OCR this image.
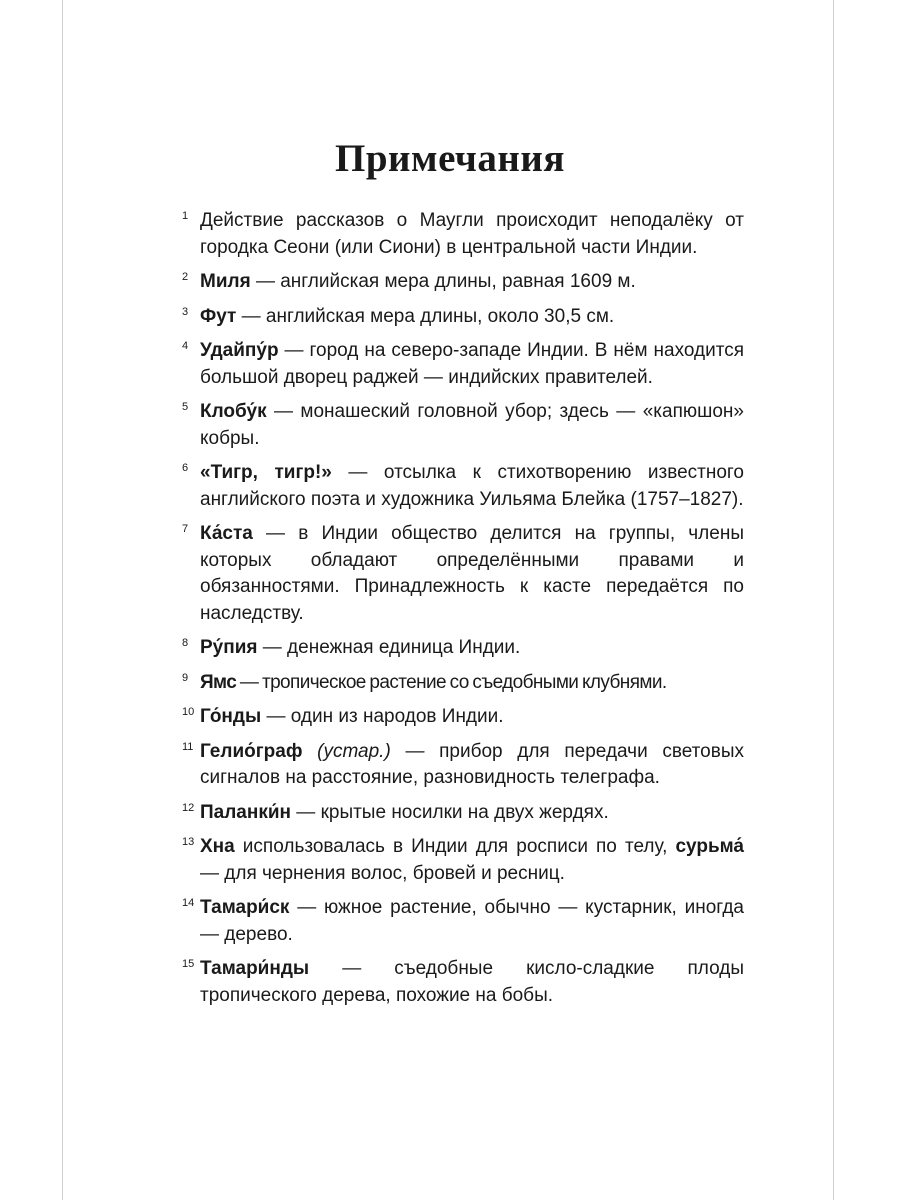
Примечания
1 Действие рассказов о Маугли происходит неподалёку от городка Сеони (или Сиони) в центральной части Индии.
2 Миля — английская мера длины, равная 1609 м.
3 Фут — английская мера длины, около 30,5 см.
4 Удайпу́р — город на северо-западе Индии. В нём находится большой дворец раджей — индийских правителей.
5 Клобу́к — монашеский головной убор; здесь — «капюшон» кобры.
6 «Тигр, тигр!» — отсылка к стихотворению известного английского поэта и художника Уильяма Блейка (1757–1827).
7 Ка́ста — в Индии общество делится на группы, члены которых обладают определёнными правами и обязанностями. Принадлежность к касте передаётся по наследству.
8 Ру́пия — денежная единица Индии.
9 Ямс — тропическое растение со съедобными клубнями.
10 Го́нды — один из народов Индии.
11 Гелио́граф (устар.) — прибор для передачи световых сигналов на расстояние, разновидность телеграфа.
12 Паланки́н — крытые носилки на двух жердях.
13 Хна использовалась в Индии для росписи по телу, сурьма́ — для чернения волос, бровей и ресниц.
14 Тамари́ск — южное растение, обычно — кустарник, иногда — дерево.
15 Тамари́нды — съедобные кисло-сладкие плоды тропического дерева, похожие на бобы.
